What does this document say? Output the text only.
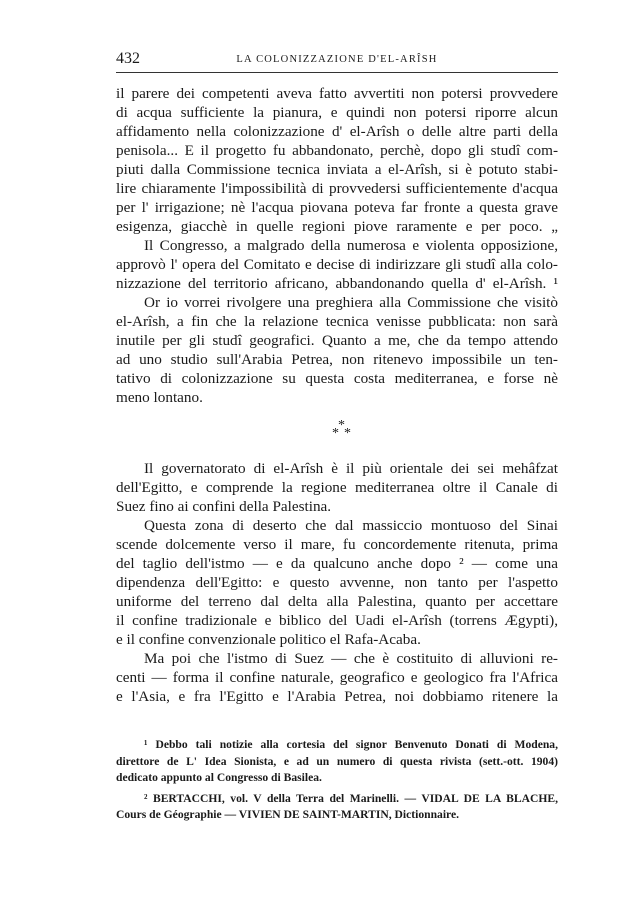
432	LA COLONIZZAZIONE D'EL-ARÎSH
il parere dei competenti aveva fatto avvertiti non potersi provvedere
di acqua sufficiente la pianura, e quindi non potersi riporre alcun
affidamento nella colonizzazione d' el-Arîsh o delle altre parti della
penisola... E il progetto fu abbandonato, perchè, dopo gli studî com-
piuti dalla Commissione tecnica inviata a el-Arîsh, si è potuto stabi-
lire chiaramente l'impossibilità di provvedersi sufficientemente d'acqua
per l' irrigazione; nè l'acqua piovana poteva far fronte a questa grave
esigenza, giacchè in quelle regioni piove raramente e per poco. „
Il Congresso, a malgrado della numerosa e violenta opposizione,
approvò l' opera del Comitato e decise di indirizzare gli studî alla colo-
nizzazione del territorio africano, abbandonando quella d' el-Arîsh. ¹
Or io vorrei rivolgere una preghiera alla Commissione che visitò
el-Arîsh, a fin che la relazione tecnica venisse pubblicata: non sarà
inutile per gli studî geografici. Quanto a me, che da tempo attendo
ad uno studio sull'Arabia Petrea, non ritenevo impossibile un ten-
tativo di colonizzazione su questa costa mediterranea, e forse nè
meno lontano.
*
* *
Il governatorato di el-Arîsh è il più orientale dei sei mehâfzat
dell'Egitto, e comprende la regione mediterranea oltre il Canale di
Suez fino ai confini della Palestina.
Questa zona di deserto che dal massiccio montuoso del Sinai
scende dolcemente verso il mare, fu concordemente ritenuta, prima
del taglio dell'istmo — e da qualcuno anche dopo ² — come una
dipendenza dell'Egitto: e questo avvenne, non tanto per l'aspetto
uniforme del terreno dal delta alla Palestina, quanto per accettare
il confine tradizionale e biblico del Uadi el-Arîsh (torrens Ægypti),
e il confine convenzionale politico el Rafa-Acaba.
Ma poi che l'istmo di Suez — che è costituito di alluvioni re-
centi — forma il confine naturale, geografico e geologico fra l'Africa
e l'Asia, e fra l'Egitto e l'Arabia Petrea, noi dobbiamo ritenere la
¹ Debbo tali notizie alla cortesia del signor Benvenuto Donati di Modena,
direttore de L' Idea Sionista, e ad un numero di questa rivista (sett.-ott. 1904)
dedicato appunto al Congresso di Basilea.
² BERTACCHI, vol. V della Terra del Marinelli. — VIDAL DE LA BLACHE,
Cours de Géographie — VIVIEN DE SAINT-MARTIN, Dictionnaire.
